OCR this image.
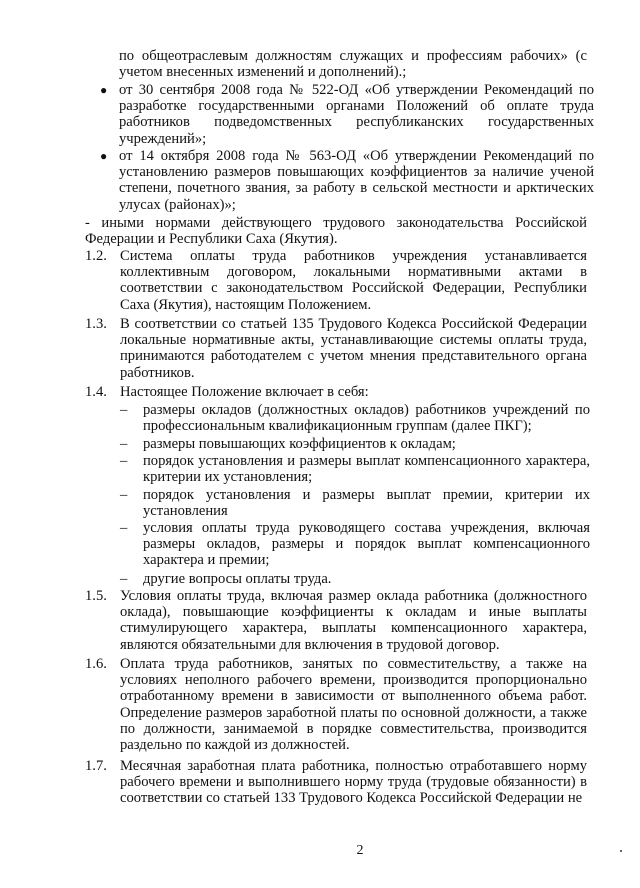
по общеотраслевым должностям служащих и профессиям рабочих» (с учетом внесенных изменений и дополнений).;
● от 30 сентября 2008 года № 522-ОД «Об утверждении Рекомендаций по разработке государственными органами Положений об оплате труда работников подведомственных республиканских государственных учреждений»;
● от 14 октября 2008 года № 563-ОД «Об утверждении Рекомендаций по установлению размеров повышающих коэффициентов за наличие ученой степени, почетного звания, за работу в сельской местности и арктических улусах (районах)»;
- иными нормами действующего трудового законодательства Российской Федерации и Республики Саха (Якутия).
1.2. Система оплаты труда работников учреждения устанавливается коллективным договором, локальными нормативными актами в соответствии с законодательством Российской Федерации, Республики Саха (Якутия), настоящим Положением.
1.3. В соответствии со статьей 135 Трудового Кодекса Российской Федерации локальные нормативные акты, устанавливающие системы оплаты труда, принимаются работодателем с учетом мнения представительного органа работников.
1.4. Настоящее Положение включает в себя:
– размеры окладов (должностных окладов) работников учреждений по профессиональным квалификационным группам (далее ПКГ);
– размеры повышающих коэффициентов к окладам;
– порядок установления и размеры выплат компенсационного характера, критерии их установления;
– порядок установления и размеры выплат премии, критерии их установления
– условия оплаты труда руководящего состава учреждения, включая размеры окладов, размеры и порядок выплат компенсационного характера и премии;
– другие вопросы оплаты труда.
1.5. Условия оплаты труда, включая размер оклада работника (должностного оклада), повышающие коэффициенты к окладам и иные выплаты стимулирующего характера, выплаты компенсационного характера, являются обязательными для включения в трудовой договор.
1.6. Оплата труда работников, занятых по совместительству, а также на условиях неполного рабочего времени, производится пропорционально отработанному времени в зависимости от выполненного объема работ. Определение размеров заработной платы по основной должности, а также по должности, занимаемой в порядке совместительства, производится раздельно по каждой из должностей.
1.7. Месячная заработная плата работника, полностью отработавшего норму рабочего времени и выполнившего норму труда (трудовые обязанности) в соответствии со статьей 133 Трудового Кодекса Российской Федерации не
2
